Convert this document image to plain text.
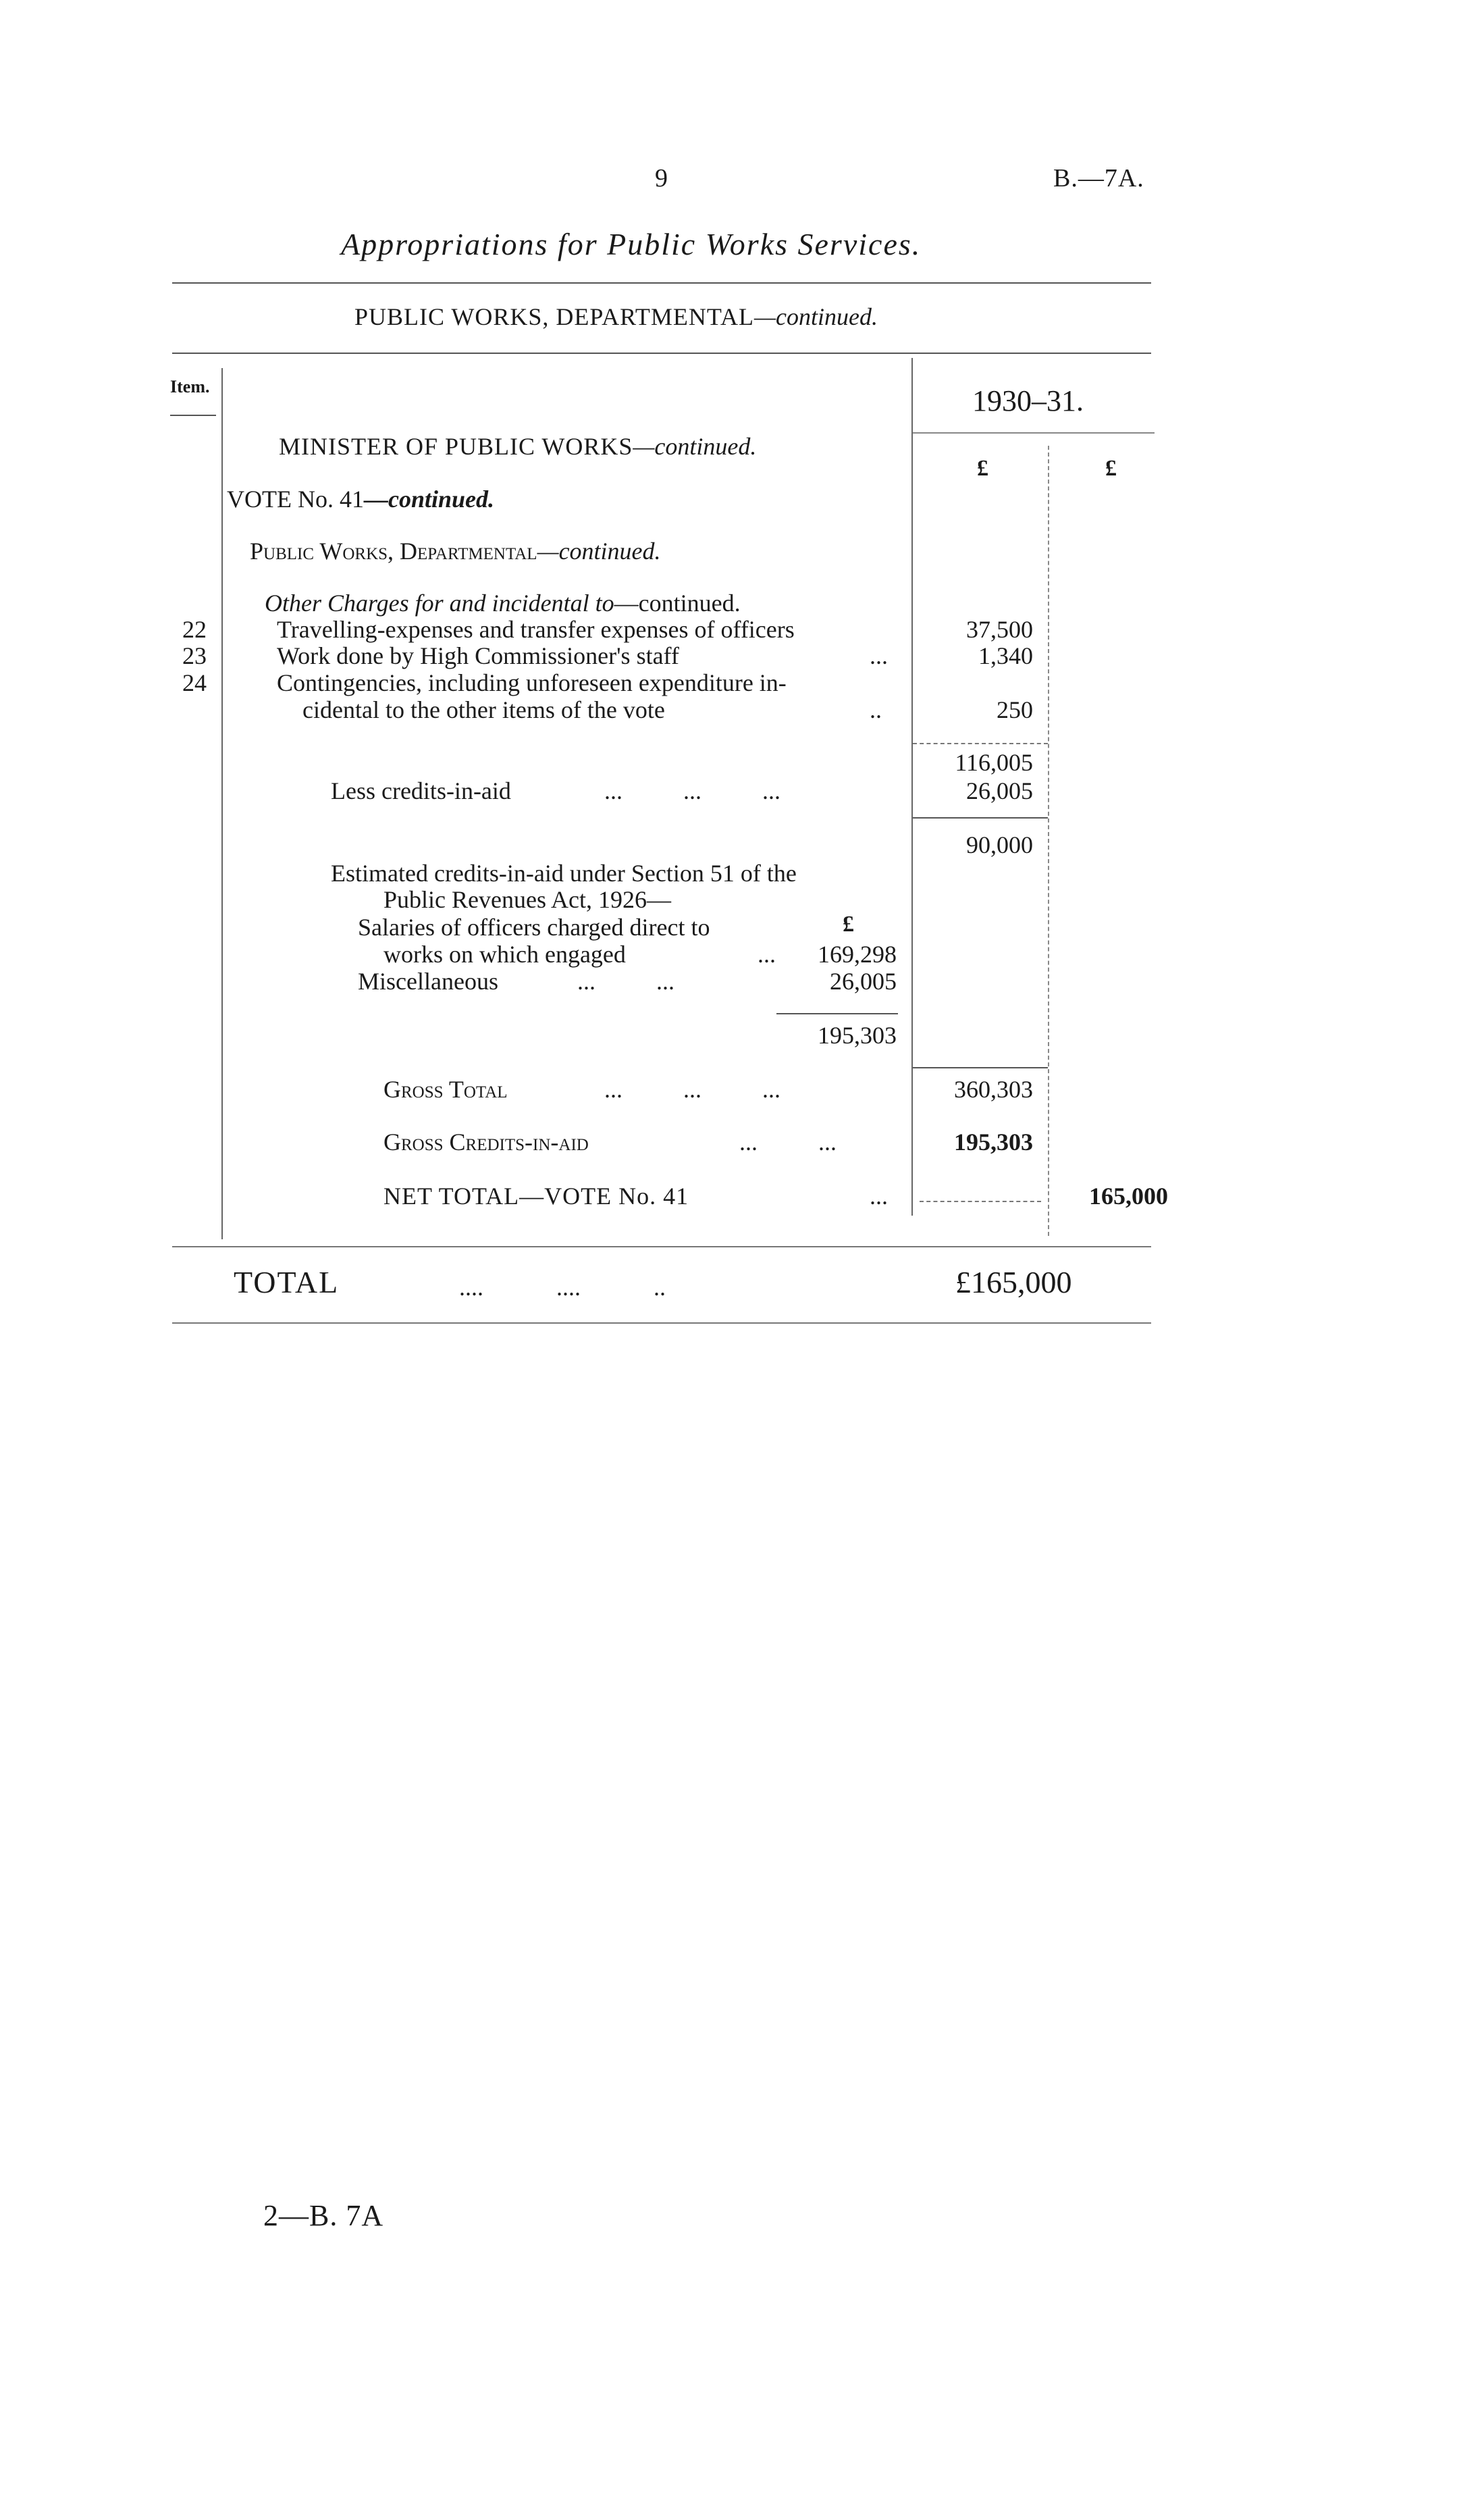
9	B.—7A.
Appropriations for Public Works Services.
PUBLIC WORKS, DEPARTMENTAL—continued.
Item.	1930–31.
£	£
MINISTER OF PUBLIC WORKS—continued.
VOTE No. 41—continued.
Public Works, Departmental—continued.
Other Charges for and incidental to—continued.
22	Travelling-expenses and transfer expenses of officers	37,500
23	Work done by High Commissioner's staff	...	1,340
24	Contingencies, including unforeseen expenditure in-
cidental to the other items of the vote	..	250
116,005
Less credits-in-aid	...          ...          ...	26,005
90,000
Estimated credits-in-aid under Section 51 of the
Public Revenues Act, 1926—
£
Salaries of officers charged direct to
works on which engaged	... 169,298
Miscellaneous	...          ...	26,005
195,303
Gross Total	...          ...          ...	360,303
Gross Credits-in-aid	...          ...	195,303
NET TOTAL—VOTE No. 41	...	165,000
TOTAL	....            ....            ..	£165,000
2—B. 7A
